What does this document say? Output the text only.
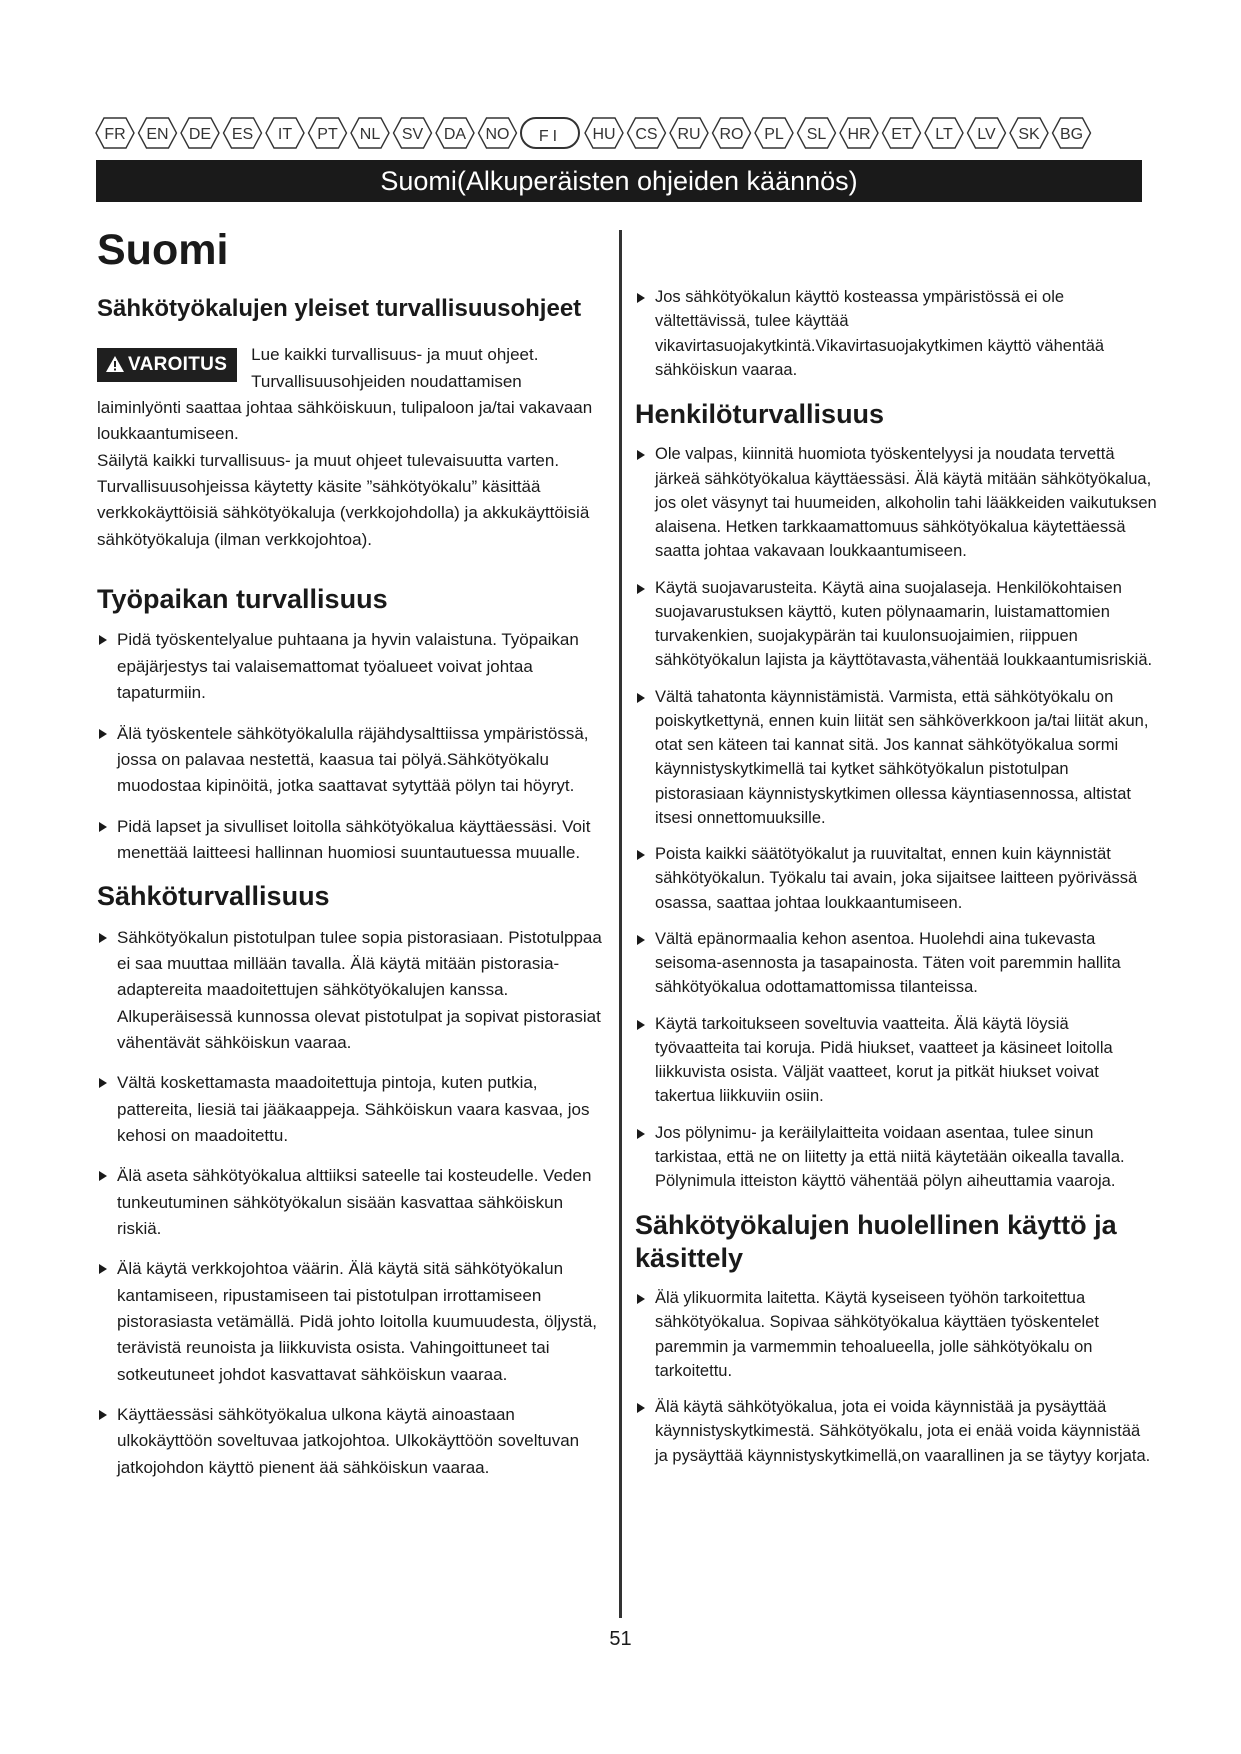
FR EN DE ES IT PT NL SV DA NO FI HU CS RU RO PL SL HR ET LT LV SK BG
Suomi(Alkuperäisten ohjeiden käännös)
Suomi
Sähkötyökalujen yleiset turvallisuusohjeet
VAROITUS	Lue kaikki turvallisuus- ja muut ohjeet. Turvallisuusohjeiden noudattamisen laiminlyönti saattaa johtaa sähköiskuun, tulipaloon ja/tai vakavaan loukkaantumiseen.

Säilytä kaikki turvallisuus- ja muut ohjeet tulevaisuutta varten.

Turvallisuusohjeissa käytetty käsite ”sähkötyökalu” käsittää verkkokäyttöisiä sähkötyökaluja (verkkojohdolla) ja akkukäyttöisiä sähkötyökaluja (ilman verkkojohtoa).

Työpaikan turvallisuus
Pidä työskentelyalue puhtaana ja hyvin valaistuna. Työpaikan epäjärjestys tai valaisemattomat työalueet voivat johtaa tapaturmiin.
Älä työskentele sähkötyökalulla räjähdysalttiissa ympäristössä, jossa on palavaa nestettä, kaasua tai pölyä.Sähkötyökalu muodostaa kipinöitä, jotka saattavat sytyttää pölyn tai höyryt.
Pidä lapset ja sivulliset loitolla sähkötyökalua käyttäessäsi. Voit menettää laitteesi hallinnan huomiosi suuntautuessa muualle.
Sähköturvallisuus
Sähkötyökalun pistotulpan tulee sopia pistorasiaan. Pistotulppaa ei saa muuttaa millään tavalla. Älä käytä mitään pistorasia-adaptereita maadoitettujen sähkötyökalujen kanssa. Alkuperäisessä kunnossa olevat pistotulpat ja sopivat pistorasiat vähentävät sähköiskun vaaraa.
Vältä koskettamasta maadoitettuja pintoja, kuten putkia, pattereita, liesiä tai jääkaappeja. Sähköiskun vaara kasvaa, jos kehosi on maadoitettu.
Älä aseta sähkötyökalua alttiiksi sateelle tai kosteudelle. Veden tunkeutuminen sähkötyökalun sisään kasvattaa sähköiskun riskiä.
Älä käytä verkkojohtoa väärin. Älä käytä sitä sähkötyökalun kantamiseen, ripustamiseen tai pistotulpan irrottamiseen pistorasiasta vetämällä. Pidä johto loitolla kuumuudesta, öljystä, terävistä reunoista ja liikkuvista osista. Vahingoittuneet tai sotkeutuneet johdot kasvattavat sähköiskun vaaraa.
Käyttäessäsi sähkötyökalua ulkona käytä ainoastaan ulkokäyttöön soveltuvaa jatkojohtoa. Ulkokäyttöön soveltuvan jatkojohdon käyttö pienent ää sähköiskun vaaraa.
Jos sähkötyökalun käyttö kosteassa ympäristössä ei ole vältettävissä, tulee käyttää vikavirtasuojakytkintä.Vikavirtasuojakytkimen käyttö vähentää sähköiskun vaaraa.
Henkilöturvallisuus
Ole valpas, kiinnitä huomiota työskentelyysi ja noudata tervettä järkeä sähkötyökalua käyttäessäsi. Älä käytä mitään sähkötyökalua, jos olet väsynyt tai huumeiden, alkoholin tahi lääkkeiden vaikutuksen alaisena. Hetken tarkkaamattomuus sähkötyökalua käytettäessä saatta johtaa vakavaan loukkaantumiseen.
Käytä suojavarusteita. Käytä aina suojalaseja. Henkilökohtaisen suojavarustuksen käyttö, kuten pölynaamarin, luistamattomien turvakenkien, suojakypärän tai kuulonsuojaimien, riippuen sähkötyökalun lajista ja käyttötavasta,vähentää loukkaantumisriskiä.
Vältä tahatonta käynnistämistä. Varmista, että sähkötyökalu on poiskytkettynä, ennen kuin liität sen sähköverkkoon ja/tai liität akun, otat sen käteen tai kannat sitä. Jos kannat sähkötyökalua sormi käynnistyskytkimellä tai kytket sähkötyökalun pistotulpan pistorasiaan käynnistyskytkimen ollessa käyntiasennossa, altistat itsesi onnettomuuksille.
Poista kaikki säätötyökalut ja ruuvitaltat, ennen kuin käynnistät sähkötyökalun. Työkalu tai avain, joka sijaitsee laitteen pyörivässä osassa, saattaa johtaa loukkaantumiseen.
Vältä epänormaalia kehon asentoa. Huolehdi aina tukevasta seisoma-asennosta ja tasapainosta. Täten voit paremmin hallita sähkötyökalua odottamattomissa tilanteissa.
Käytä tarkoitukseen soveltuvia vaatteita. Älä käytä löysiä työvaatteita tai koruja. Pidä hiukset, vaatteet ja käsineet loitolla liikkuvista osista. Väljät vaatteet, korut ja pitkät hiukset voivat takertua liikkuviin osiin.
Jos pölynimu- ja keräilylaitteita voidaan asentaa, tulee sinun tarkistaa, että ne on liitetty ja että niitä käytetään oikealla tavalla. Pölynimula itteiston käyttö vähentää pölyn aiheuttamia vaaroja.
Sähkötyökalujen huolellinen käyttö ja käsittely
Älä ylikuormita laitetta. Käytä kyseiseen työhön tarkoitettua sähkötyökalua. Sopivaa sähkötyökalua käyttäen työskentelet paremmin ja varmemmin tehoalueella, jolle sähkötyökalu on tarkoitettu.
Älä käytä sähkötyökalua, jota ei voida käynnistää ja pysäyttää käynnistyskytkimestä. Sähkötyökalu, jota ei enää voida käynnistää ja pysäyttää käynnistyskytkimellä,on vaarallinen ja se täytyy korjata.
51
